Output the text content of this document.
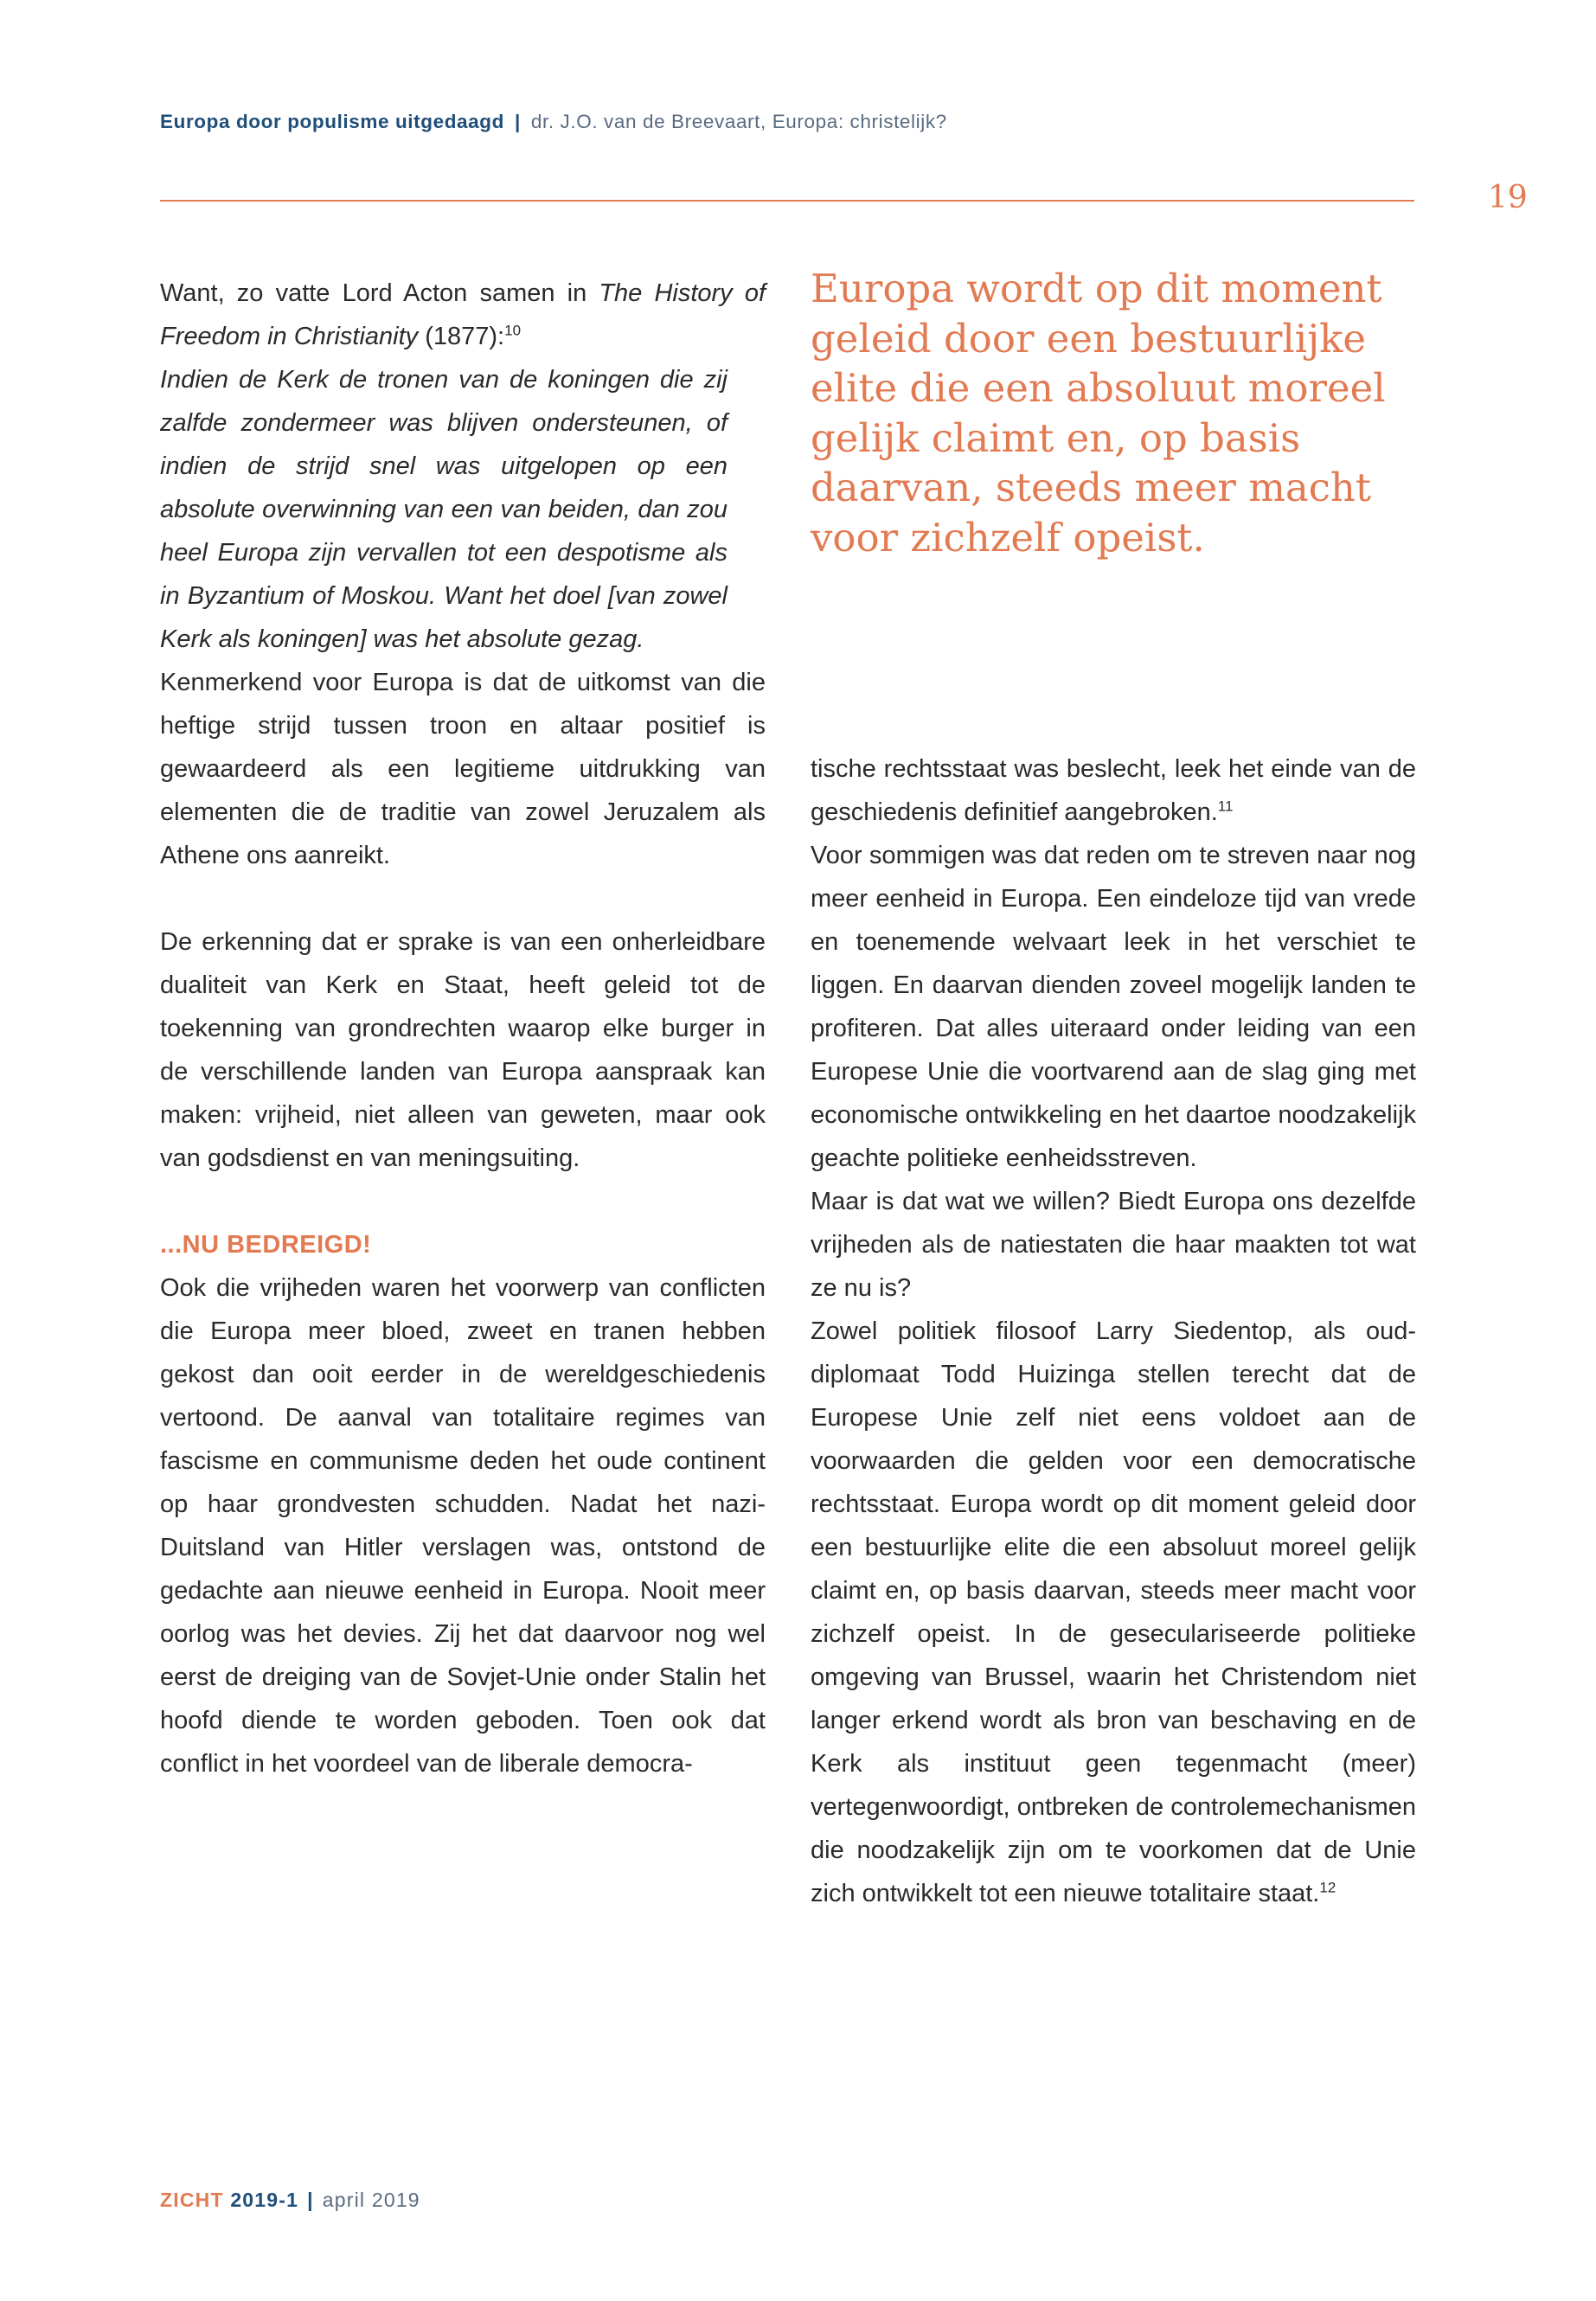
Europa door populisme uitgedaagd | dr. J.O. van de Breevaart, Europa: christelijk?
19

Want, zo vatte Lord Acton samen in The History of Freedom in Christianity (1877):$^{10}$

Indien de Kerk de tronen van de koningen die zij zalfde zondermeer was blijven ondersteunen, of indien de strijd snel was uitgelopen op een absolute overwinning van een van beiden, dan zou heel Europa zijn vervallen tot een despotisme als in Byzantium of Moskou. Want het doel [van zowel Kerk als koningen] was het absolute gezag.

Kenmerkend voor Europa is dat de uitkomst van die heftige strijd tussen troon en altaar positief is gewaardeerd als een legitieme uitdrukking van elementen die de traditie van zowel Jeruzalem als Athene ons aanreikt.

De erkenning dat er sprake is van een onherleidbare dualiteit van Kerk en Staat, heeft geleid tot de toekenning van grondrechten waarop elke burger in de verschillende landen van Europa aanspraak kan maken: vrijheid, niet alleen van geweten, maar ook van godsdienst en van meningsuiting.

...NU BEDREIGD!

Ook die vrijheden waren het voorwerp van conflicten die Europa meer bloed, zweet en tranen hebben gekost dan ooit eerder in de wereldgeschiedenis vertoond. De aanval van totalitaire regimes van fascisme en communisme deden het oude continent op haar grondvesten schudden. Nadat het nazi-Duitsland van Hitler verslagen was, ontstond de gedachte aan nieuwe eenheid in Europa. Nooit meer oorlog was het devies. Zij het dat daarvoor nog wel eerst de dreiging van de Sovjet-Unie onder Stalin het hoofd diende te worden geboden. Toen ook dat conflict in het voordeel van de liberale democra-

Europa wordt op dit moment geleid door een bestuurlijke elite die een absoluut moreel gelijk claimt en, op basis daarvan, steeds meer macht voor zichzelf opeist.

tische rechtsstaat was beslecht, leek het einde van de geschiedenis definitief aangebroken.$^{11}$

Voor sommigen was dat reden om te streven naar nog meer eenheid in Europa. Een eindeloze tijd van vrede en toenemende welvaart leek in het verschiet te liggen. En daarvan dienden zoveel mogelijk landen te profiteren. Dat alles uiteraard onder leiding van een Europese Unie die voortvarend aan de slag ging met economische ontwikkeling en het daartoe noodzakelijk geachte politieke eenheidsstreven.

Maar is dat wat we willen? Biedt Europa ons dezelfde vrijheden als de natiestaten die haar maakten tot wat ze nu is?

Zowel politiek filosoof Larry Siedentop, als oud-diplomaat Todd Huizinga stellen terecht dat de Europese Unie zelf niet eens voldoet aan de voorwaarden die gelden voor een democratische rechtsstaat. Europa wordt op dit moment geleid door een bestuurlijke elite die een absoluut moreel gelijk claimt en, op basis daarvan, steeds meer macht voor zichzelf opeist. In de geseculariseerde politieke omgeving van Brussel, waarin het Christendom niet langer erkend wordt als bron van beschaving en de Kerk als instituut geen tegenmacht (meer) vertegenwoordigt, ontbreken de controlemechanismen die noodzakelijk zijn om te voorkomen dat de Unie zich ontwikkelt tot een nieuwe totalitaire staat.$^{12}$

ZICHT 2019-1 | april 2019
